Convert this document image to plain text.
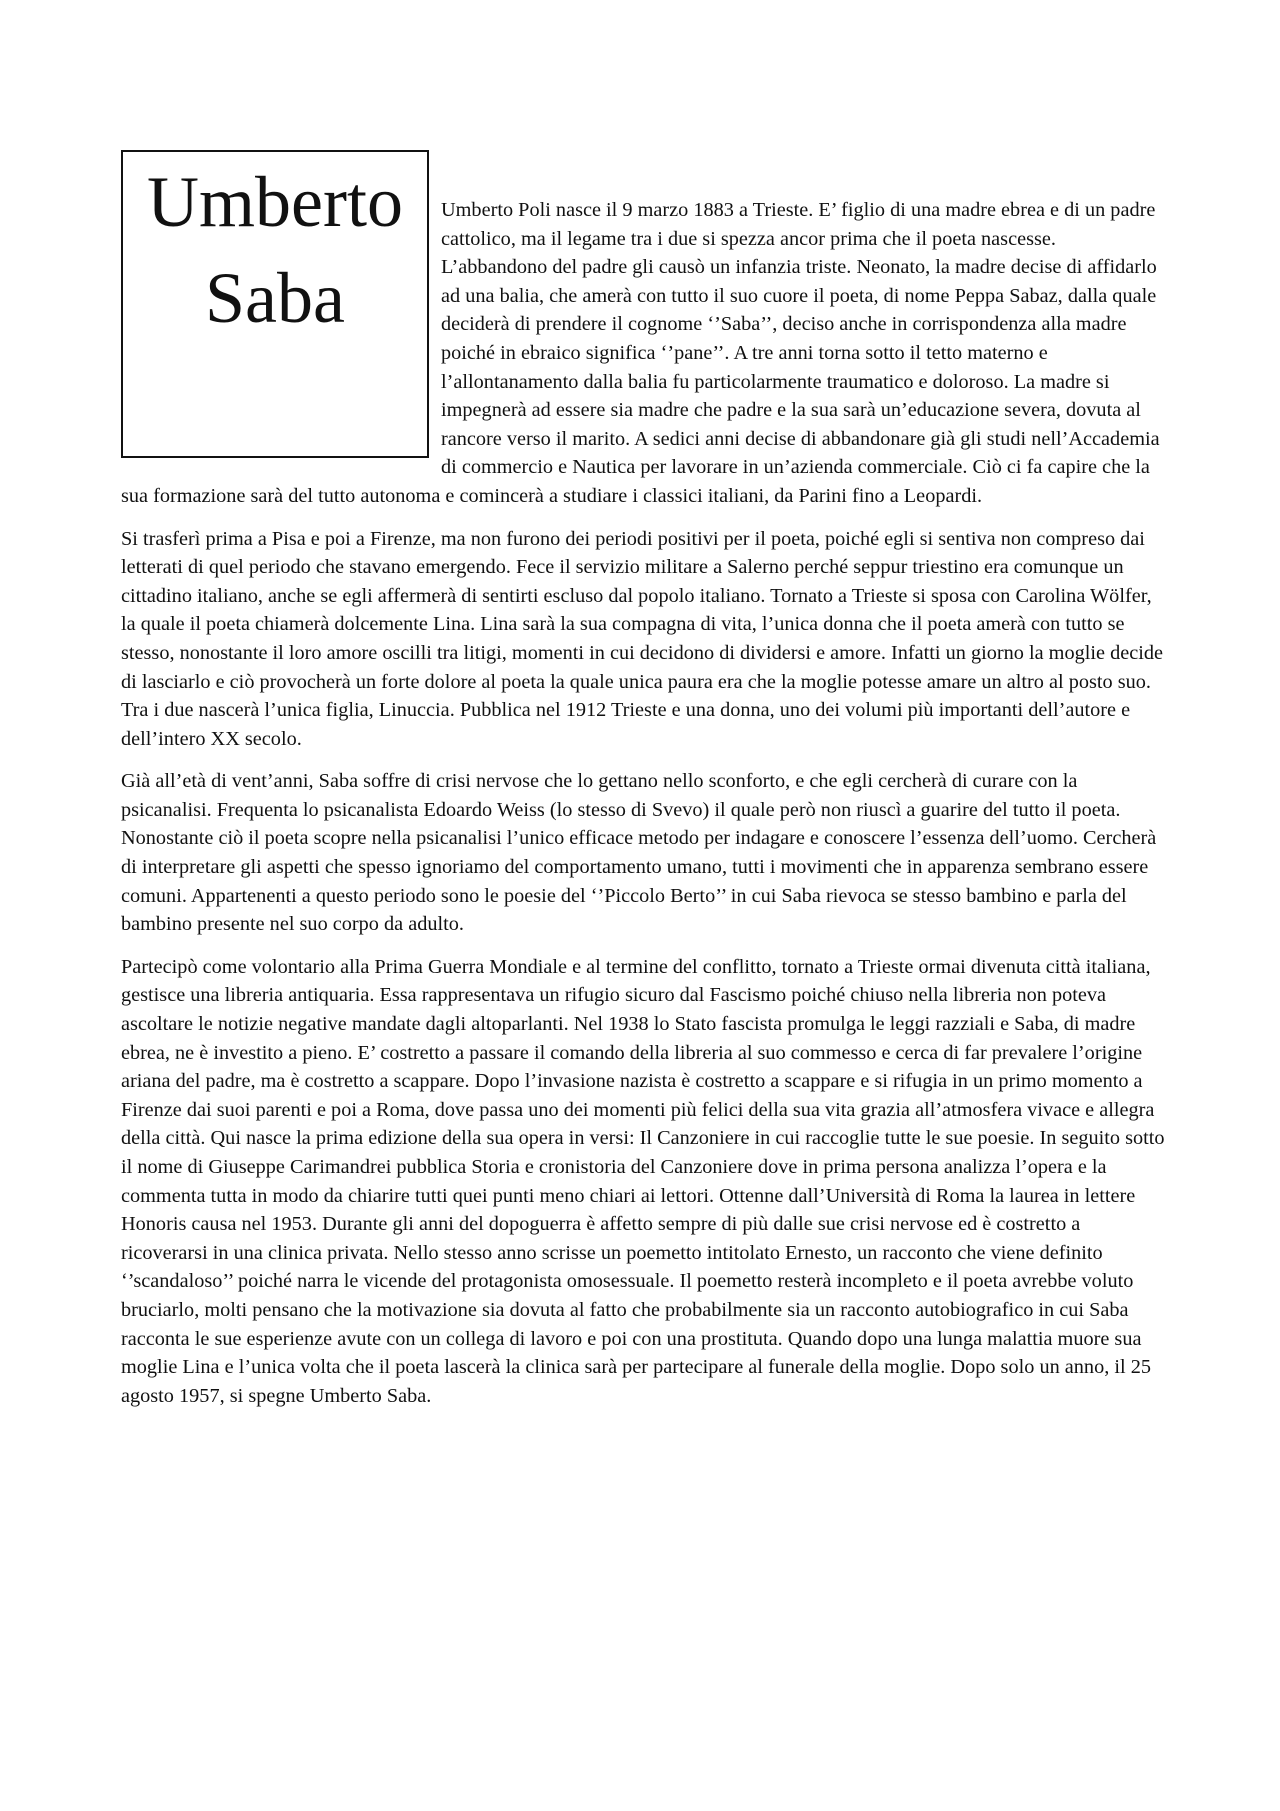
Umberto
Saba

Umberto Poli nasce il 9 marzo 1883 a Trieste. E’ figlio di una madre ebrea e di un padre cattolico, ma il legame tra i due si spezza ancor prima che il poeta nascesse. L’abbandono del padre gli causò un infanzia triste. Neonato, la madre decise di affidarlo ad una balia, che amerà con tutto il suo cuore il poeta, di nome Peppa Sabaz, dalla quale deciderà di prendere il cognome ‘’Saba’’, deciso anche in corrispondenza alla madre poiché in ebraico significa ‘’pane’’. A tre anni torna sotto il tetto materno e l’allontanamento dalla balia fu particolarmente traumatico e doloroso. La madre si impegnerà ad essere sia madre che padre e la sua sarà un’educazione severa, dovuta al rancore verso il marito. A sedici anni decise di abbandonare già gli studi nell’Accademia di commercio e Nautica per lavorare in un’azienda commerciale. Ciò ci fa capire che la sua formazione sarà del tutto autonoma e comincerà a studiare i classici italiani, da Parini fino a Leopardi.

Si trasferì prima a Pisa e poi a Firenze, ma non furono dei periodi positivi per il poeta, poiché egli si sentiva non compreso dai letterati di quel periodo che stavano emergendo. Fece il servizio militare a Salerno perché seppur triestino era comunque un cittadino italiano, anche se egli affermerà di sentirti escluso dal popolo italiano. Tornato a Trieste si sposa con Carolina Wölfer, la quale il poeta chiamerà dolcemente Lina. Lina sarà la sua compagna di vita, l’unica donna che il poeta amerà con tutto se stesso, nonostante il loro amore oscilli tra litigi, momenti in cui decidono di dividersi e amore. Infatti un giorno la moglie decide di lasciarlo e ciò provocherà un forte dolore al poeta la quale unica paura era che la moglie potesse amare un altro al posto suo. Tra i due nascerà l’unica figlia, Linuccia. Pubblica nel 1912 Trieste e una donna, uno dei volumi più importanti dell’autore e dell’intero XX secolo.

Già all’età di vent’anni, Saba soffre di crisi nervose che lo gettano nello sconforto, e che egli cercherà di curare con la psicanalisi. Frequenta lo psicanalista Edoardo Weiss (lo stesso di Svevo) il quale però non riuscì a guarire del tutto il poeta. Nonostante ciò il poeta scopre nella psicanalisi l’unico efficace metodo per indagare e conoscere l’essenza dell’uomo. Cercherà di interpretare gli aspetti che spesso ignoriamo del comportamento umano, tutti i movimenti che in apparenza sembrano essere comuni. Appartenenti a questo periodo sono le poesie del ‘’Piccolo Berto’’ in cui Saba rievoca se stesso bambino e parla del bambino presente nel suo corpo da adulto.

Partecipò come volontario alla Prima Guerra Mondiale e al termine del conflitto, tornato a Trieste ormai divenuta città italiana, gestisce una libreria antiquaria. Essa rappresentava un rifugio sicuro dal Fascismo poiché chiuso nella libreria non poteva ascoltare le notizie negative mandate dagli altoparlanti. Nel 1938 lo Stato fascista promulga le leggi razziali e Saba, di madre ebrea, ne è investito a pieno. E’ costretto a passare il comando della libreria al suo commesso e cerca di far prevalere l’origine ariana del padre, ma è costretto a scappare. Dopo l’invasione nazista è costretto a scappare e si rifugia in un primo momento a Firenze dai suoi parenti e poi a Roma, dove passa uno dei momenti più felici della sua vita grazia all’atmosfera vivace e allegra della città. Qui nasce la prima edizione della sua opera in versi: Il Canzoniere in cui raccoglie tutte le sue poesie. In seguito sotto il nome di Giuseppe Carimandrei pubblica Storia e cronistoria del Canzoniere dove in prima persona analizza l’opera e la commenta tutta in modo da chiarire tutti quei punti meno chiari ai lettori. Ottenne dall’Università di Roma la laurea in lettere Honoris causa nel 1953. Durante gli anni del dopoguerra è affetto sempre di più dalle sue crisi nervose ed è costretto a ricoverarsi in una clinica privata. Nello stesso anno scrisse un poemetto intitolato Ernesto, un racconto che viene definito ‘’scandaloso’’ poiché narra le vicende del protagonista omosessuale. Il poemetto resterà incompleto e il poeta avrebbe voluto bruciarlo, molti pensano che la motivazione sia dovuta al fatto che probabilmente sia un racconto autobiografico in cui Saba racconta le sue esperienze avute con un collega di lavoro e poi con una prostituta. Quando dopo una lunga malattia muore sua moglie Lina e l’unica volta che il poeta lascerà la clinica sarà per partecipare al funerale della moglie. Dopo solo un anno, il 25 agosto 1957, si spegne Umberto Saba.
